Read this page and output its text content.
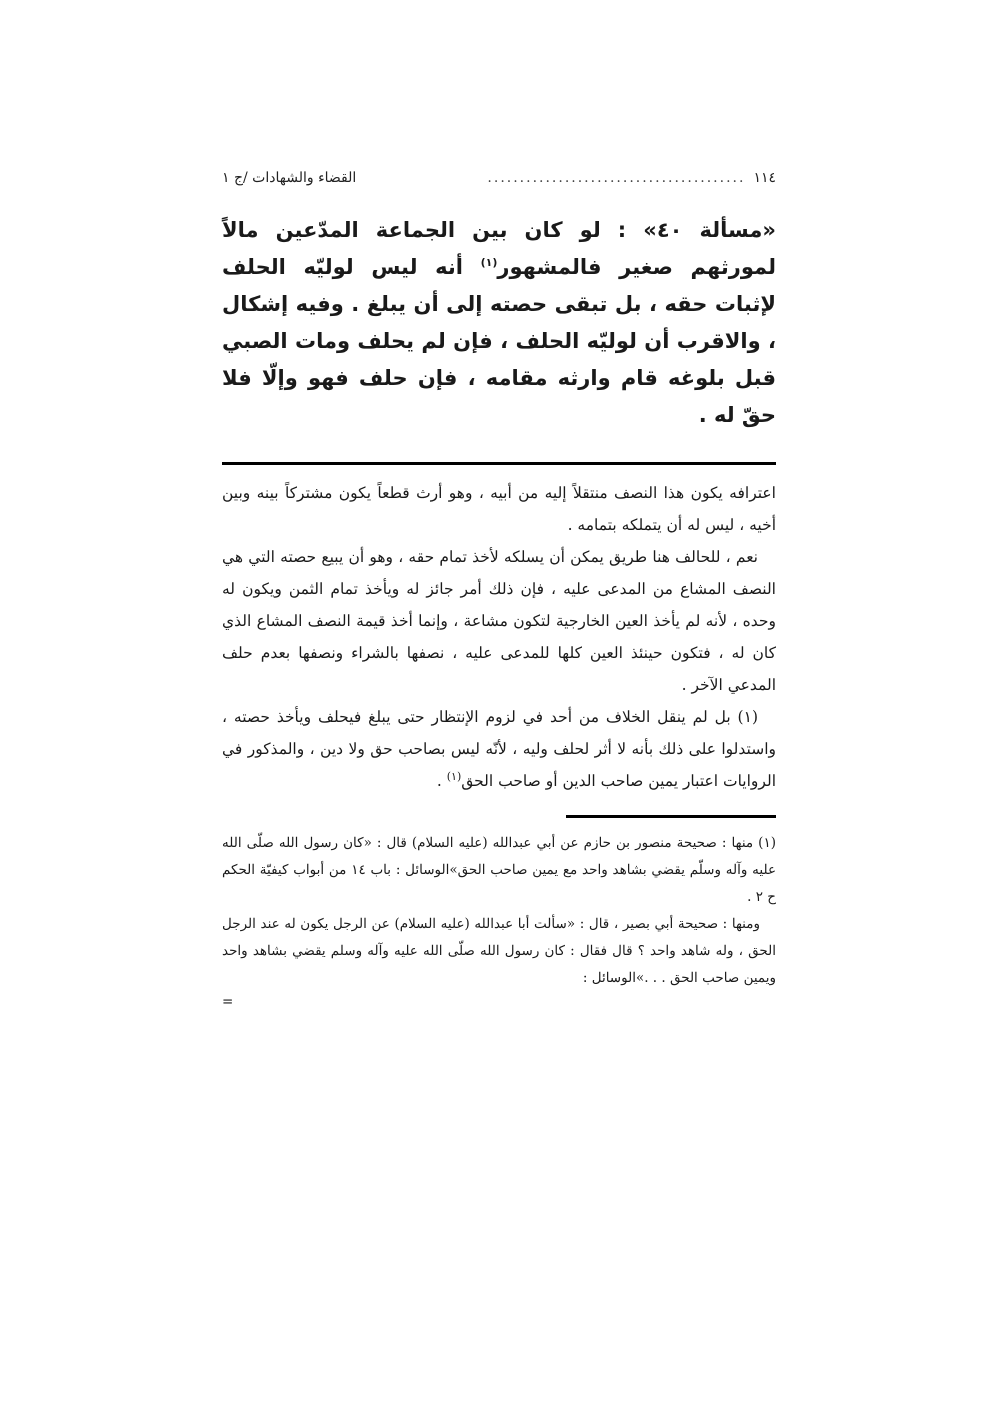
١١٤
........................................
القضاء والشهادات /ج ١
«مسألة ٤٠» : لو كان بين الجماعة المدّعين مالاً لمورثهم صغير فالمشهور$^{(١)}$ أنه ليس لوليّه الحلف لإثبات حقه ، بل تبقى حصته إلى أن يبلغ . وفيه إشكال ، والاقرب أن لوليّه الحلف ، فإن لم يحلف ومات الصبي قبل بلوغه قام وارثه مقامه ، فإن حلف فهو وإلّا فلا حقّ له .

اعترافه يكون هذا النصف منتقلاً إليه من أبيه ، وهو أرث قطعاً يكون مشتركاً بينه وبين أخيه ، ليس له أن يتملكه بتمامه .

نعم ، للحالف هنا طريق يمكن أن يسلكه لأخذ تمام حقه ، وهو أن يبيع حصته التي هي النصف المشاع من المدعى عليه ، فإن ذلك أمر جائز له ويأخذ تمام الثمن ويكون له وحده ، لأنه لم يأخذ العين الخارجية لتكون مشاعة ، وإنما أخذ قيمة النصف المشاع الذي كان له ، فتكون حينئذ العين كلها للمدعى عليه ، نصفها بالشراء ونصفها بعدم حلف المدعي الآخر .

(١) بل لم ينقل الخلاف من أحد في لزوم الإنتظار حتى يبلغ فيحلف ويأخذ حصته ، واستدلوا على ذلك بأنه لا أثر لحلف وليه ، لأنّه ليس بصاحب حق ولا دين ، والمذكور في الروايات اعتبار يمين صاحب الدين أو صاحب الحق$^{(١)}$ .

(١) منها : صحيحة منصور بن حازم عن أبي عبدالله (عليه السلام) قال : «كان رسول الله صلّى الله عليه وآله وسلّم يقضي بشاهد واحد مع يمين صاحب الحق»الوسائل : باب ١٤ من أبواب كيفيّة الحكم ح ٢ .

ومنها : صحيحة أبي بصير ، قال : «سألت أبا عبدالله (عليه السلام) عن الرجل يكون له عند الرجل الحق ، وله شاهد واحد ؟ قال فقال : كان رسول الله صلّى الله عليه وآله وسلم يقضي بشاهد واحد ويمين صاحب الحق . . .»الوسائل :

=
